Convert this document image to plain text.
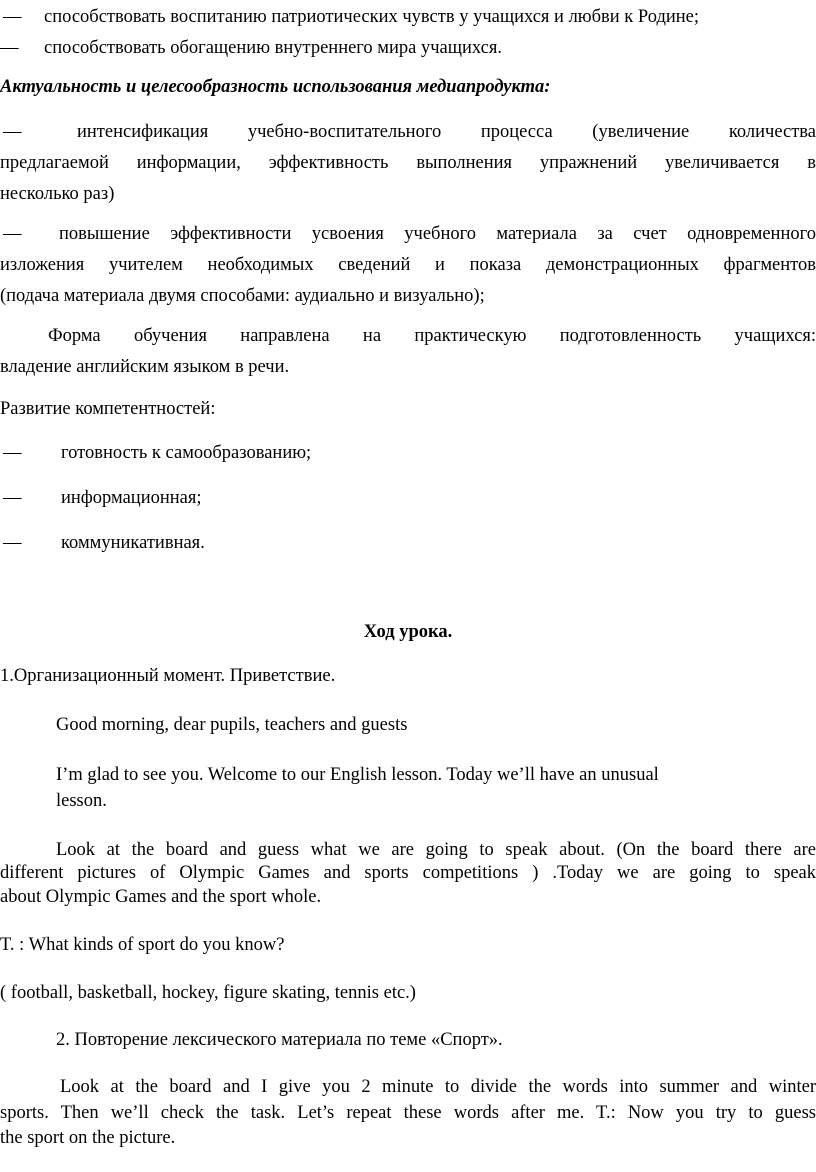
— способствовать воспитанию патриотических чувств у учащихся и любви к Родине;
— способствовать обогащению внутреннего мира учащихся.
Актуальность и целесообразность использования медиапродукта:
—	интенсификация учебно-воспитательного процесса (увеличение количества
предлагаемой информации, эффективность выполнения упражнений увеличивается в
несколько раз)
— повышение эффективности усвоения учебного материала за счет одновременного
изложения учителем необходимых сведений и показа демонстрационных фрагментов
(подача материала двумя способами: аудиально и визуально);
Форма обучения направлена на практическую подготовленность учащихся:
владение английским языком в речи.
Развитие компетентностей:
— готовность к самообразованию;
— информационная;
— коммуникативная.
Ход урока.
1.Организационный момент. Приветствие.
Good morning, dear pupils, teachers and guests
I’m glad to see you. Welcome to our English lesson. Today we’ll have an unusual
lesson.
Look at the board and guess what we are going to speak about. (On the board there are
different pictures of Olympic Games and sports competitions ) .Today we are going to speak
about Olympic Games and the sport whole.
T. : What kinds of sport do you know?
( football, basketball, hockey, figure skating, tennis etc.)
2. Повторение лексического материала по теме «Спорт».
Look at the board and I give you 2 minute to divide the words into summer and winter
sports. Then we’ll check the task. Let’s repeat these words after me. T.: Now you try to guess
the sport on the picture.
